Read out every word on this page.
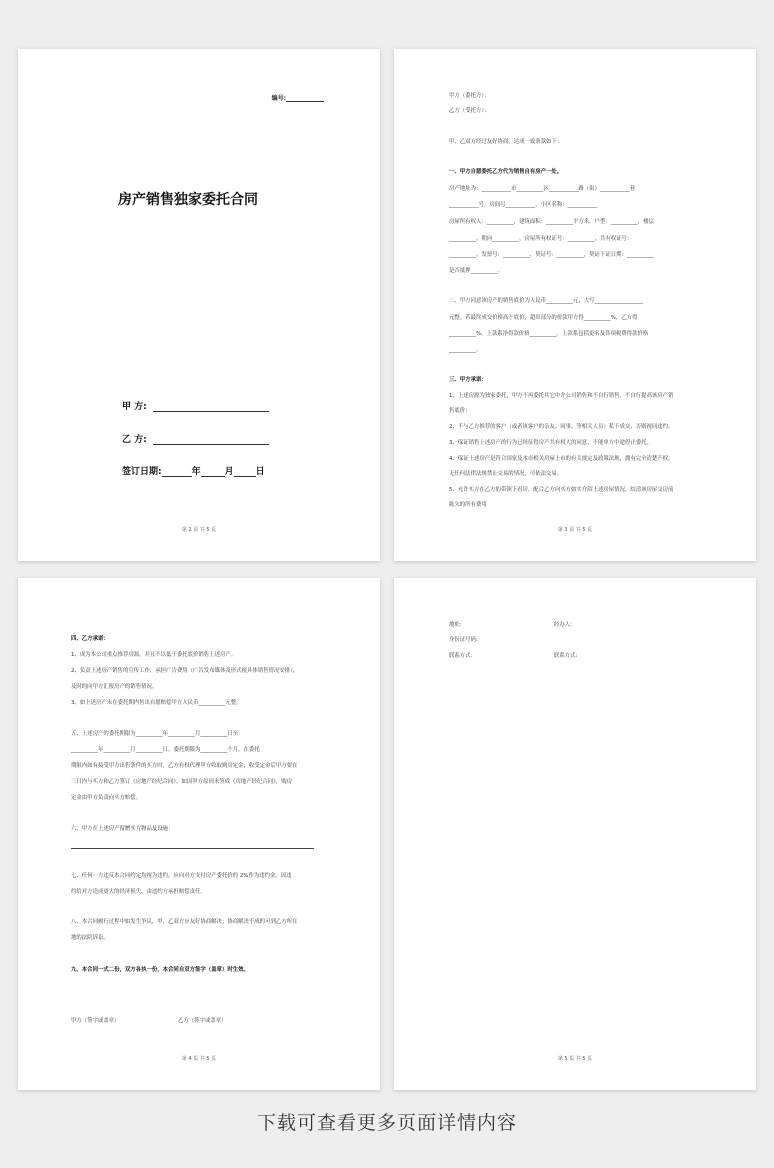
编号:
房产销售独家委托合同
甲 方:
乙 方:
签订日期:	年	月 日
第 2 页 共 5 页
甲方（委托方）：
乙方（受托方）：
甲、乙双方经过友好协商，达成一致条款如下：
一、甲方自愿委托乙方代为销售自有房产一处。
房产地址为：___________市__________区___________路（街）___________巷
___________号，房间号___________，小区名称：___________
房屋所有权人：__________，建筑面积：__________平方米，户型：__________，楼层
__________，朝向__________，房屋所有权证号：__________，共有权证号：
__________，发票号：__________，契证号：__________，契证下证日期：__________
是否抵押__________。
二、甲方同意该房产的销售底价为人民币__________元，大写__________________
元整。若最终成交价格高于底价，超出部分的价款甲方得__________%，乙方得
__________%。上款系净得款价格__________。上款系包括更名及各项税费得款价格
__________。
三、甲方承诺：
1、上述房源为独家委托，甲方不再委托其它中介公司销售和不自行销售，不自行提高该房产销
售底价；
2、不与乙方推荐的客户（或者该客户的亲友、同事、等相关人员）私下成交，否则视同违约。
3、保证销售上述房产的行为已经征得房产共有权人的同意，不能单方中途停止委托。
4、保证上述房产是符合国家及本市相关房屋上市的有关规定及政策法规，拥有完全清楚产权，
无任何法律法规禁止交易的情况，可依法交易。
5、允许买方在乙方的带领下看房，配合乙方向买方如实介绍上述房屋情况，结清该房屋交房前
陈欠的所有费用
第 3 页 共 5 页
四、乙方承诺：
1、成为本公司重点推荐房源，并且不以低于委托底价销售上述房产。
2、负责上述房产销售的宣传工作，承担广告费用（广告发布媒体及形式视具体销售情况安排），
及时的向甲方汇报房产的销售情况。
3、如上述房产未在委托期内售出自愿赔偿甲方人民币__________元整。
五、上述房产的委托期限为__________年__________月__________日至
__________年__________月__________日。委托期限为__________个月。在委托
期限内如有接受甲方出售条件的买方时，乙方有权代理甲方收取购房定金，收受定金后甲方要在
三日内与买方和乙方签订《房地产经纪合同》，如因甲方原因未签成《房地产经纪合同》，购房
定金由甲方负责向买方赔偿。
六、甲方在上述房产留赠买方物品及设施：
七、任何一方违反本合同约定均视为违约，应向对方支付房产委托价的 2%作为违约金。因违
约给对方造成更大的经济损失，由违约方承担赔偿责任。
八、本合同履行过程中如发生争议，甲、乙双方应友好协商解决；协商解决不成的可到乙方所在
地的法院诉讼。
九、本合同一式二份，双方各执一份，本合同自双方签字（盖章）时生效。
甲方（签字或盖章）	乙方（签字或盖章）
第 4 页 共 5 页
地址:	经办人:
身份证号码:
联系方式:	联系方式:
第 5 页 共 5 页
下载可查看更多页面详情内容
